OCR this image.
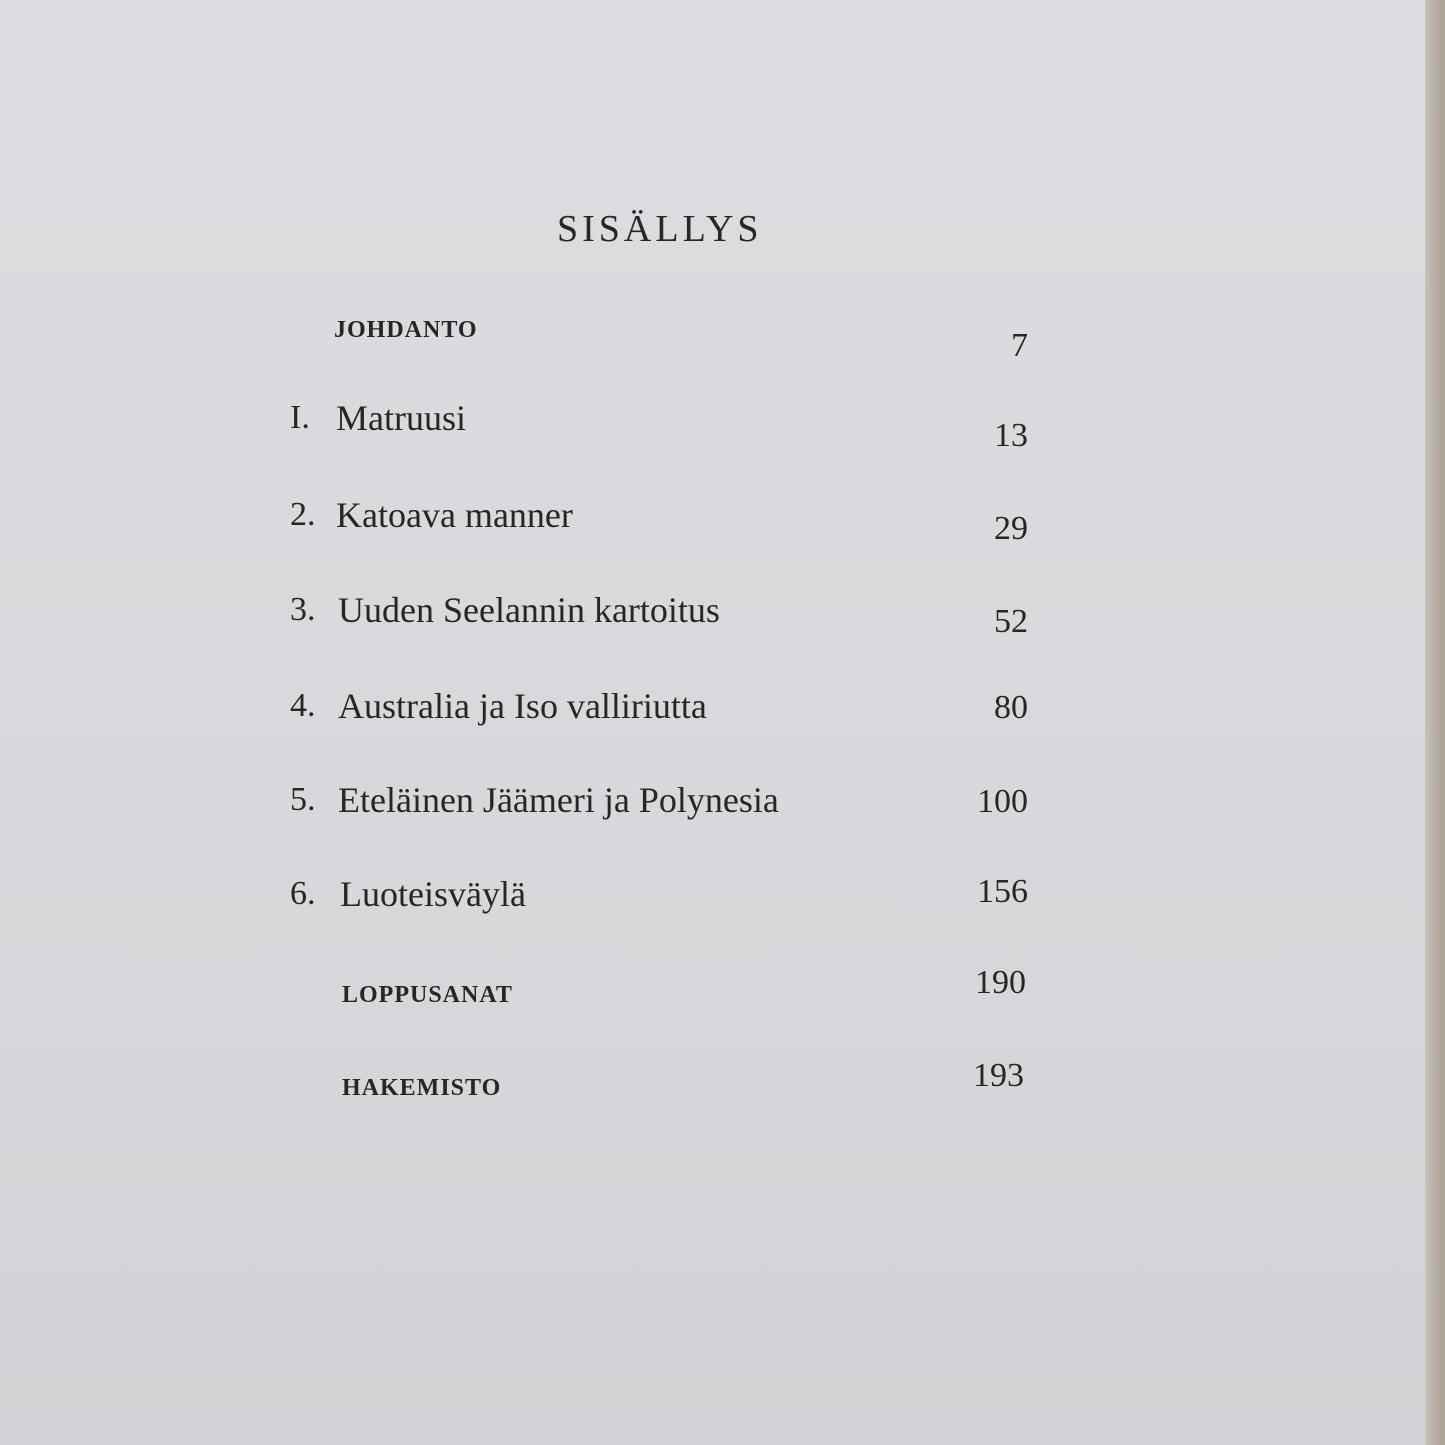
SISÄLLYS
JOHDANTO	7
I. Matruusi	13
2. Katoava manner	29
3. Uuden Seelannin kartoitus	52
4. Australia ja Iso valliriutta	80
5. Eteläinen Jäämeri ja Polynesia	100
6. Luoteisväylä	156
LOPPUSANAT	190
HAKEMISTO	193
